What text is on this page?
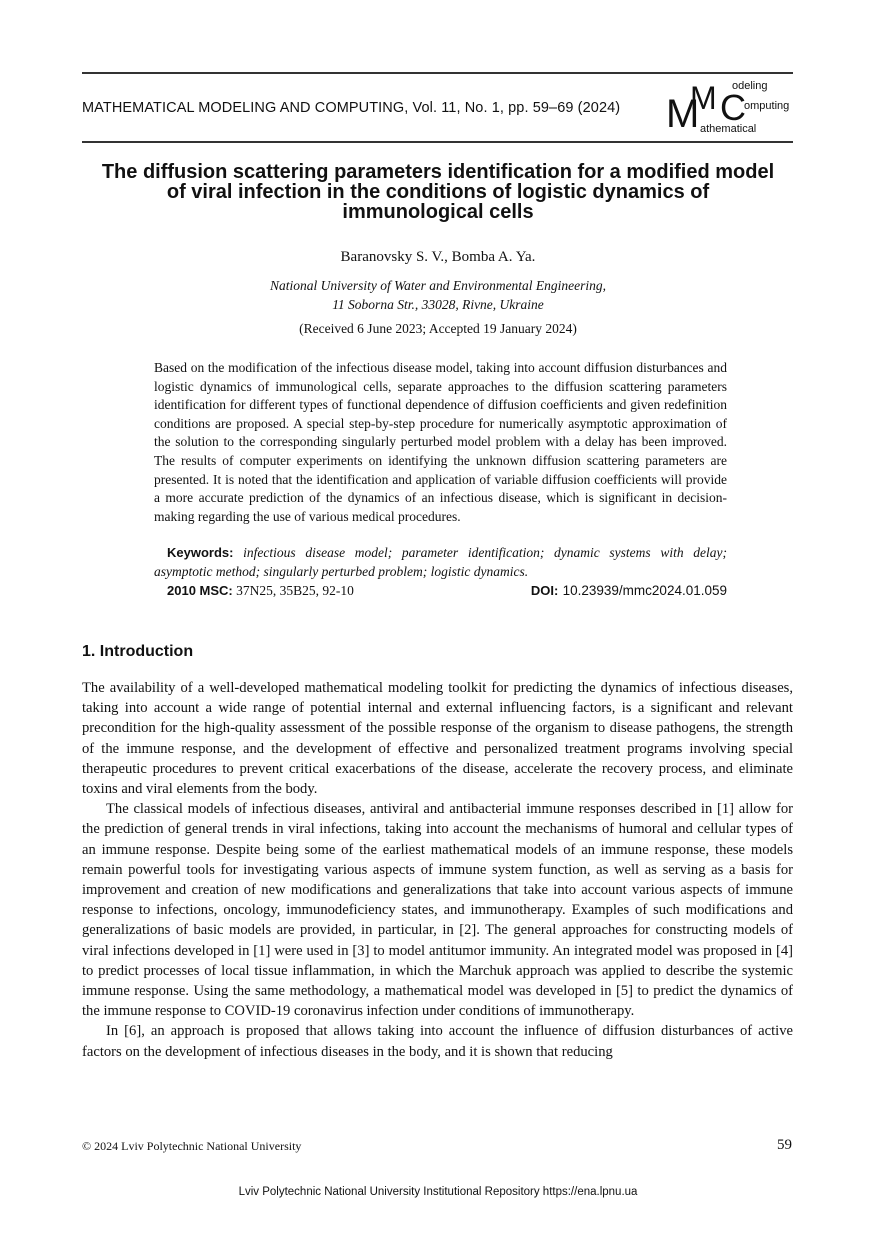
MATHEMATICAL MODELING AND COMPUTING, Vol. 11, No. 1, pp. 59–69 (2024) M
M C
odeling
omputing
athematical
The diffusion scattering parameters identification for a modified model of viral infection in the conditions of logistic dynamics of immunological cells
Baranovsky S. V., Bomba A. Ya.
National University of Water and Environmental Engineering,
11 Soborna Str., 33028, Rivne, Ukraine
(Received 6 June 2023; Accepted 19 January 2024)
Based on the modification of the infectious disease model, taking into account diffusion disturbances and logistic dynamics of immunological cells, separate approaches to the diffusion scattering parameters identification for different types of functional dependence of diffusion coefficients and given redefinition conditions are proposed. A special step-by-step procedure for numerically asymptotic approximation of the solution to the corresponding singularly perturbed model problem with a delay has been improved. The results of computer experiments on identifying the unknown diffusion scattering parameters are presented. It is noted that the identification and application of variable diffusion coefficients will provide a more accurate prediction of the dynamics of an infectious disease, which is significant in decision-making regarding the use of various medical procedures.
Keywords: infectious disease model; parameter identification; dynamic systems with delay; asymptotic method; singularly perturbed problem; logistic dynamics.
2010 MSC: 37N25, 35B25, 92-10	DOI: 10.23939/mmc2024.01.059
1. Introduction

The availability of a well-developed mathematical modeling toolkit for predicting the dynamics of infectious diseases, taking into account a wide range of potential internal and external influencing factors, is a significant and relevant precondition for the high-quality assessment of the possible response of the organism to disease pathogens, the strength of the immune response, and the development of effective and personalized treatment programs involving special therapeutic procedures to prevent critical exacerbations of the disease, accelerate the recovery process, and eliminate toxins and viral elements from the body.

The classical models of infectious diseases, antiviral and antibacterial immune responses described in [1] allow for the prediction of general trends in viral infections, taking into account the mechanisms of humoral and cellular types of an immune response. Despite being some of the earliest mathematical models of an immune response, these models remain powerful tools for investigating various aspects of immune system function, as well as serving as a basis for improvement and creation of new modifications and generalizations that take into account various aspects of immune response to infections, oncology, immunodeficiency states, and immunotherapy. Examples of such modifications and generalizations of basic models are provided, in particular, in [2]. The general approaches for constructing models of viral infections developed in [1] were used in [3] to model antitumor immunity. An integrated model was proposed in [4] to predict processes of local tissue inflammation, in which the Marchuk approach was applied to describe the systemic immune response. Using the same methodology, a mathematical model was developed in [5] to predict the dynamics of the immune response to COVID-19 coronavirus infection under conditions of immunotherapy.

In [6], an approach is proposed that allows taking into account the influence of diffusion disturbances of active factors on the development of infectious diseases in the body, and it is shown that reducing

© 2024 Lviv Polytechnic National University	59
Lviv Polytechnic National University Institutional Repository https://ena.lpnu.ua
